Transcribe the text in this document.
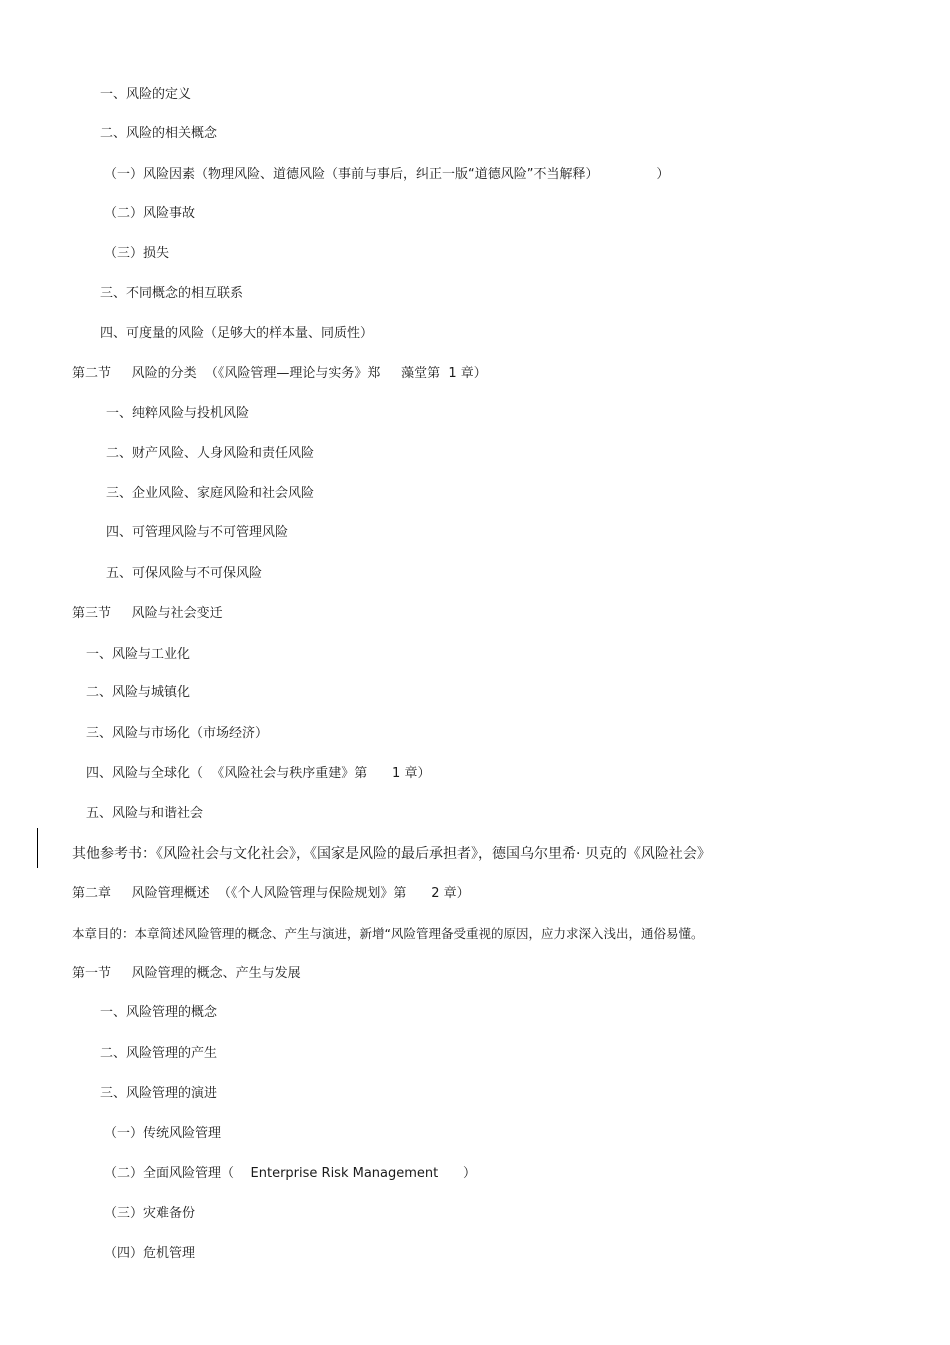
一、风险的定义
二、风险的相关概念
（一）风险因素（物理风险、道德风险（事前与事后，纠正一版“道德风险”不当解释）              ）
（二）风险事故
（三）损失
三、不同概念的相互联系
四、可度量的风险（足够大的样本量、同质性）
第二节     风险的分类  （《风险管理—理论与实务》郑     藻堂第  1 章）
一、纯粹风险与投机风险
二、财产风险、人身风险和责任风险
三、企业风险、家庭风险和社会风险
四、可管理风险与不可管理风险
五、可保风险与不可保风险
第三节     风险与社会变迁
一、风险与工业化
二、风险与城镇化
三、风险与市场化（市场经济）
四、风险与全球化（  《风险社会与秩序重建》第      1 章）
五、风险与和谐社会
其他参考书：《风险社会与文化社会》，《国家是风险的最后承担者》，德国乌尔里希· 贝克的《风险社会》
第二章     风险管理概述  （《个人风险管理与保险规划》第      2 章）
本章目的：本章简述风险管理的概念、产生与演进，新增“风险管理备受重视的原因，应力求深入浅出，通俗易懂。
第一节     风险管理的概念、产生与发展
一、风险管理的概念
二、风险管理的产生
三、风险管理的演进
（一）传统风险管理
（二）全面风险管理（    Enterprise Risk Management      ）
（三）灾难备份
（四）危机管理
